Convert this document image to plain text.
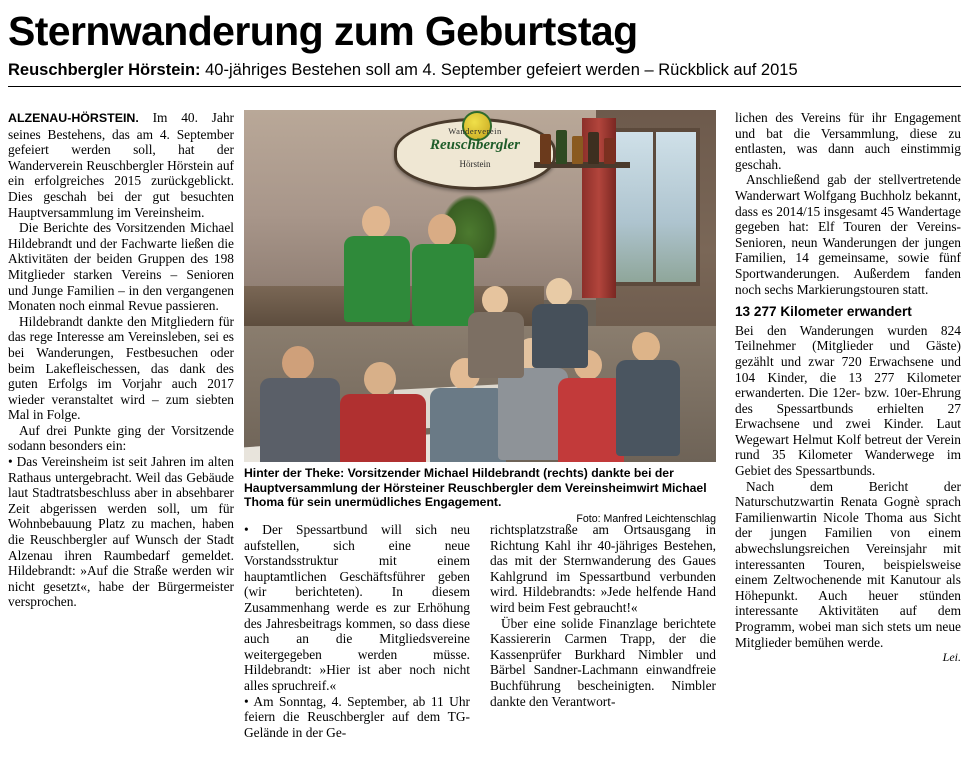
Sternwanderung zum Geburtstag
Reuschbergler Hörstein: 40-jähriges Bestehen soll am 4. September gefeiert werden – Rückblick auf 2015

ALZENAU-HÖRSTEIN. Im 40. Jahr seines Bestehens, das am 4. September gefeiert werden soll, hat der Wanderverein Reuschbergler Hörstein auf ein erfolgreiches 2015 zurückgeblickt. Dies geschah bei der gut besuchten Hauptversammlung im Vereinsheim.

Die Berichte des Vorsitzenden Michael Hildebrandt und der Fachwarte ließen die Aktivitäten der beiden Gruppen des 198 Mitglieder starken Vereins – Senioren und Junge Familien – in den vergangenen Monaten noch einmal Revue passieren.

Hildebrandt dankte den Mitgliedern für das rege Interesse am Vereinsleben, sei es bei Wanderungen, Festbesuchen oder beim Lakefleischessen, das dank des guten Erfolgs im Vorjahr auch 2017 wieder veranstaltet wird – zum siebten Mal in Folge.

Auf drei Punkte ging der Vorsitzende sodann besonders ein:

• Das Vereinsheim ist seit Jahren im alten Rathaus untergebracht. Weil das Gebäude laut Stadtratsbeschluss aber in absehbarer Zeit abgerissen werden soll, um für Wohnbebauung Platz zu machen, haben die Reuschbergler auf Wunsch der Stadt Alzenau ihren Raumbedarf gemeldet. Hildebrandt: »Auf die Straße werden wir nicht gesetzt«, habe der Bürgermeister versprochen.

Wanderverein
Reuschbergler
Hörstein
Hinter der Theke: Vorsitzender Michael Hildebrandt (rechts) dankte bei der Hauptversammlung der Hörsteiner Reuschbergler dem Vereinsheimwirt Michael Thoma für sein unermüdliches Engagement.
Foto: Manfred Leichtenschlag

• Der Spessartbund will sich neu aufstellen, sich eine neue Vorstandsstruktur mit einem hauptamtlichen Geschäftsführer geben (wir berichteten). In diesem Zusammenhang werde es zur Erhöhung des Jahresbeitrags kommen, so dass diese auch an die Mitgliedsvereine weitergegeben werden müsse. Hildebrandt: »Hier ist aber noch nicht alles spruchreif.«

• Am Sonntag, 4. September, ab 11 Uhr feiern die Reuschbergler auf dem TG-Gelände in der Ge-

richtsplatzstraße am Ortsausgang in Richtung Kahl ihr 40-jähriges Bestehen, das mit der Sternwanderung des Gaues Kahlgrund im Spessartbund verbunden wird. Hildebrandts: »Jede helfende Hand wird beim Fest gebraucht!«

Über eine solide Finanzlage berichtete Kassiererin Carmen Trapp, der die Kassenprüfer Burkhard Nimbler und Bärbel Sandner-Lachmann einwandfreie Buchführung bescheinigten. Nimbler dankte den Verantwort-

lichen des Vereins für ihr Engagement und bat die Versammlung, diese zu entlasten, was dann auch einstimmig geschah.

Anschließend gab der stellvertretende Wanderwart Wolfgang Buchholz bekannt, dass es 2014/15 insgesamt 45 Wandertage gegeben hat: Elf Touren der Vereins-Senioren, neun Wanderungen der jungen Familien, 14 gemeinsame, sowie fünf Sportwanderungen. Außerdem fanden noch sechs Markierungstouren statt.

13 277 Kilometer erwandert

Bei den Wanderungen wurden 824 Teilnehmer (Mitglieder und Gäste) gezählt und zwar 720 Erwachsene und 104 Kinder, die 13 277 Kilometer erwanderten. Die 12er- bzw. 10er-Ehrung des Spessartbunds erhielten 27 Erwachsene und zwei Kinder. Laut Wegewart Helmut Kolf betreut der Verein rund 35 Kilometer Wanderwege im Gebiet des Spessartbunds.

Nach dem Bericht der Naturschutzwartin Renata Gognè sprach Familienwartin Nicole Thoma aus Sicht der jungen Familien von einem abwechslungsreichen Vereinsjahr mit interessanten Touren, beispielsweise einem Zeltwochenende mit Kanutour als Höhepunkt. Auch heuer stünden interessante Aktivitäten auf dem Programm, wobei man sich stets um neue Mitglieder bemühen werde.

Lei.
